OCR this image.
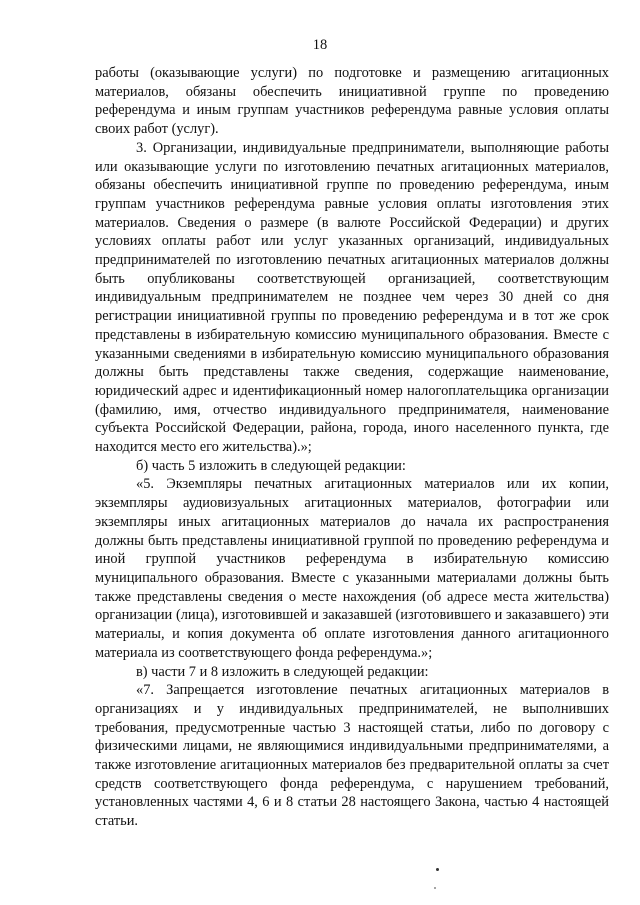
18

работы (оказывающие услуги) по подготовке и размещению агитационных материалов, обязаны обеспечить инициативной группе по проведению референдума и иным группам участников референдума равные условия оплаты своих работ (услуг).

3. Организации, индивидуальные предприниматели, выполняющие работы или оказывающие услуги по изготовлению печатных агитационных материалов, обязаны обеспечить инициативной группе по проведению референдума, иным группам участников референдума равные условия оплаты изготовления этих материалов. Сведения о размере (в валюте Российской Федерации) и других условиях оплаты работ или услуг указанных организаций, индивидуальных предпринимателей по изготовлению печатных агитационных материалов должны быть опубликованы соответствующей организацией, соответствующим индивидуальным предпринимателем не позднее чем через 30 дней со дня регистрации инициативной группы по проведению референдума и в тот же срок представлены в избирательную комиссию муниципального образования. Вместе с указанными сведениями в избирательную комиссию муниципального образования должны быть представлены также сведения, содержащие наименование, юридический адрес и идентификационный номер налогоплательщика организации (фамилию, имя, отчество индивидуального предпринимателя, наименование субъекта Российской Федерации, района, города, иного населенного пункта, где находится место его жительства).»;

б) часть 5 изложить в следующей редакции:

«5. Экземпляры печатных агитационных материалов или их копии, экземпляры аудиовизуальных агитационных материалов, фотографии или экземпляры иных агитационных материалов до начала их распространения должны быть представлены инициативной группой по проведению референдума и иной группой участников референдума в избирательную комиссию муниципального образования. Вместе с указанными материалами должны быть также представлены сведения о месте нахождения (об адресе места жительства) организации (лица), изготовившей и заказавшей (изготовившего и заказавшего) эти материалы, и копия документа об оплате изготовления данного агитационного материала из соответствующего фонда референдума.»;

в) части 7 и 8 изложить в следующей редакции:

«7. Запрещается изготовление печатных агитационных материалов в организациях и у индивидуальных предпринимателей, не выполнивших требования, предусмотренные частью 3 настоящей статьи, либо по договору с физическими лицами, не являющимися индивидуальными предпринимателями, а также изготовление агитационных материалов без предварительной оплаты за счет средств соответствующего фонда референдума, с нарушением требований, установленных частями 4, 6 и 8 статьи 28 настоящего Закона, частью 4 настоящей статьи.
